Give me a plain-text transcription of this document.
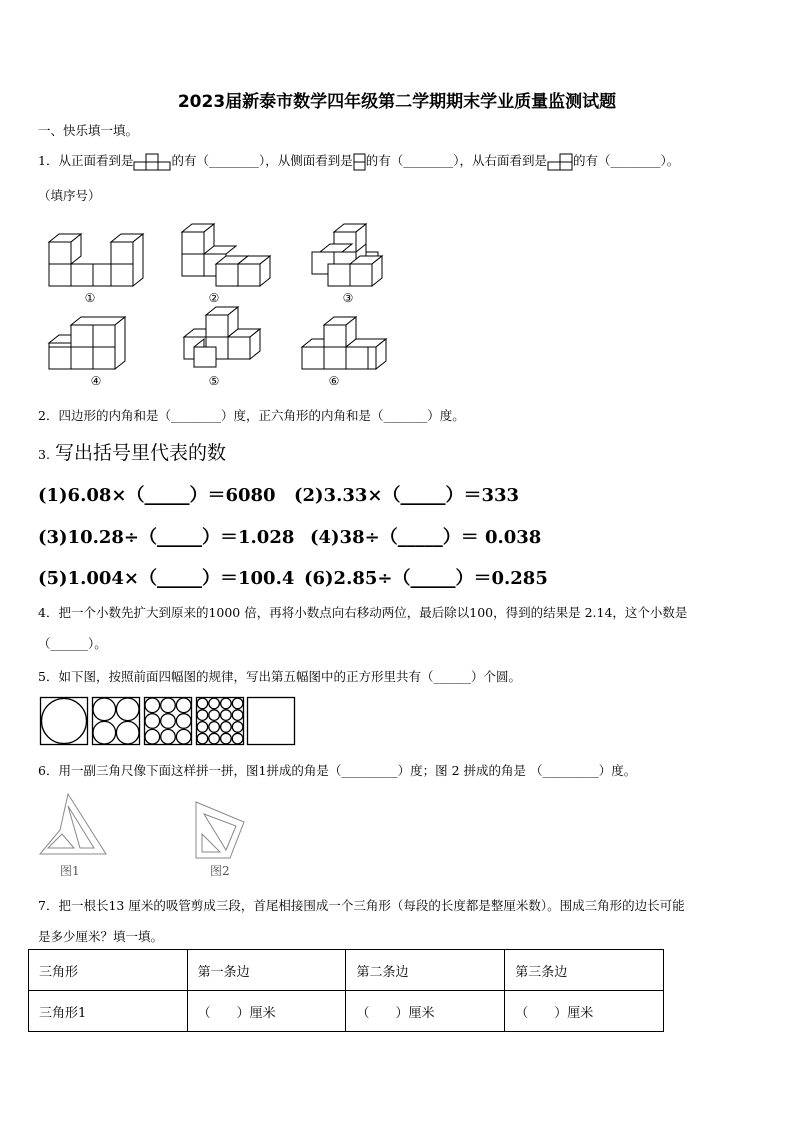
2023届新泰市数学四年级第二学期期末学业质量监测试题
一、快乐填一填。
1．从正面看到是	的有（________），从侧面看到是 的有（________），从右面看到是 的有（________）。
（填序号）
①	②	③
④	⑤	⑥
2．四边形的内角和是（________）度，正六角形的内角和是（_______）度。
3. 写出括号里代表的数
(1)6.08×（_____）＝6080 (2)3.33×（_____）＝333
(3)10.28÷（_____）＝1.028 (4)38÷（_____）＝ 0.038
(5)1.004×（_____）＝100.4 (6)2.85÷（_____）＝0.285
4．把一个小数先扩大到原来的1000 倍，再将小数点向右移动两位，最后除以100，得到的结果是 2.14，这个小数是
（______）。
5．如下图，按照前面四幅图的规律，写出第五幅图中的正方形里共有（______）个圆。
6．用一副三角尺像下面这样拼一拼，图1拼成的角是（_________）度；图 2 拼成的角是 （_________）度。
图1	图2
7．把一根长13 厘米的吸管剪成三段，首尾相接围成一个三角形（每段的长度都是整厘米数）。围成三角形的边长可能
是多少厘米？填一填。
三角形	第一条边	第二条边	第三条边
三角形1	（　　）厘米	（　　）厘米	（　　）厘米
